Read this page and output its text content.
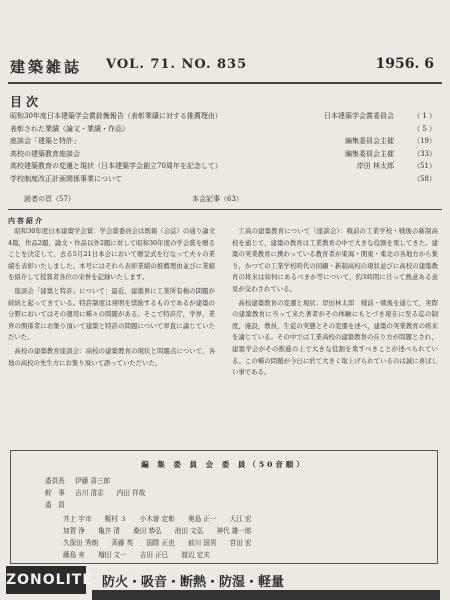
建築雑誌 VOL. 71. NO. 835	1956. 6
目次
昭和30年度日本建築学会賞銓衡報告（表彰業績に対する推薦理由）	日本建築学会賞委員会	（ 1 ）
表彰された業績（論文・業績・作品）	（ 5 ）
座談会「建築と特許」	編集委員会主催	（19）
高校の建築教育座談会	編集委員会主催	（33）
高校建築教育の変遷と現状（日本建築学会創立70周年を記念して）	岸田 林太郎	（51）
学校制度改正計画関係事業について	（58）
読者の頁（57）	本会記事（63）
内容紹介

昭和30年度日本建築学会賞：学会賞委員会は既報（会誌）の通り論文4篇，作品2題，論文・作品以外2題に対して昭和30年度の学会賞を贈ることを決定して，去る5月21日本会において贈呈式を行なって夫々の業績を表彰いたしました。本号にはそれら表彰業績の推薦理由並びに業績を紹介して授賞者各位の栄誉を記録いたします。

座談会「建築と特許」について：最近，建築界に工業所有権の問題が続続と起ってきている。特許制度は発明を奨励するものであるが建築の分野においてはその運用に種々の問題がある。そこで特許庁，学界，業界の関係者にお集り頂いて建築と特許の問題について率直に論じていただいた。

高校の建築教育座談会：高校の建築教育の現状と問題点について，各地の高校の先生方にお集り頂いて語っていただいた。

工高の建築教育について（座談会）：戦前の工業学校・戦後の新制高校を通じて，建築の教育は工業教育の中で大きな役割を果してきた。建築の実業教育に携わっている教育者が東海・関東・東北の各地方から集り，かつての工業学校時代の回顧・新制高校の現状並びに高校の建築教育の将来は如何にあるべきか等について，約3時間に亘って熱意ある意見が交わされている。

高校建築教育の変遷と現状：岸田林太郎　戦前・戦後を通じて，実際の建築教育に当って来た著者がその体験にもとづき現在に至る迄の制度，施設，教員，生徒の実態とその変遷を述べ，建築の実業教育の将来を論じている。その中では工業高校の建築教育の在り方が問題とされ，建築学会がその推進の上で大きな役割を果すべきことが述べられている。この種の問題が今日に於て大きく取上げられているのは誠に喜ばしい事である。

編 集 委 員 会 委 員（50音順）
委員長 伊藤 喜三郎
幹　事 吉川 清志　　内田 祥哉
委　員
井上 宇市　　梶村 ３　　小木曽 定彰　　奥島 正一　　大江 宏
加賀 浄　　亀井 清　　桑田 恭弘　　池田 文弘　　神代 雄一郎
久保田 秀朗　　斉藤 英　　国際 正也　　前川 国男　　宮田 宏
藤島 亥　　増田 文一　　吉田 正巳　　渡辺 定夫
ZONOLITE 防火・吸音・断熱・防湿・軽量
